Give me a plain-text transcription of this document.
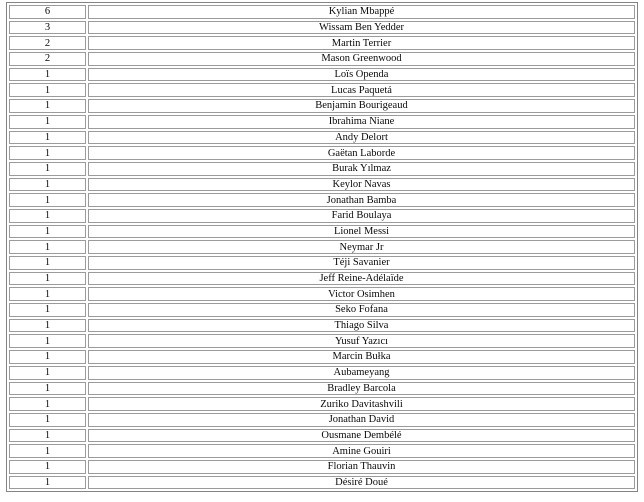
6	Kylian Mbappé
3	Wissam Ben Yedder
2	Martin Terrier
2	Mason Greenwood
1	Loïs Openda
1	Lucas Paquetá
1	Benjamin Bourigeaud
1	Ibrahima Niane
1	Andy Delort
1	Gaëtan Laborde
1	Burak Yılmaz
1	Keylor Navas
1	Jonathan Bamba
1	Farid Boulaya
1	Lionel Messi
1	Neymar Jr
1	Téji Savanier
1	Jeff Reine-Adélaïde
1	Victor Osimhen
1	Seko Fofana
1	Thiago Silva
1	Yusuf Yazıcı
1	Marcin Bułka
1	Aubameyang
1	Bradley Barcola
1	Zuriko Davitashvili
1	Jonathan David
1	Ousmane Dembélé
1	Amine Gouiri
1	Florian Thauvin
1	Désiré Doué
